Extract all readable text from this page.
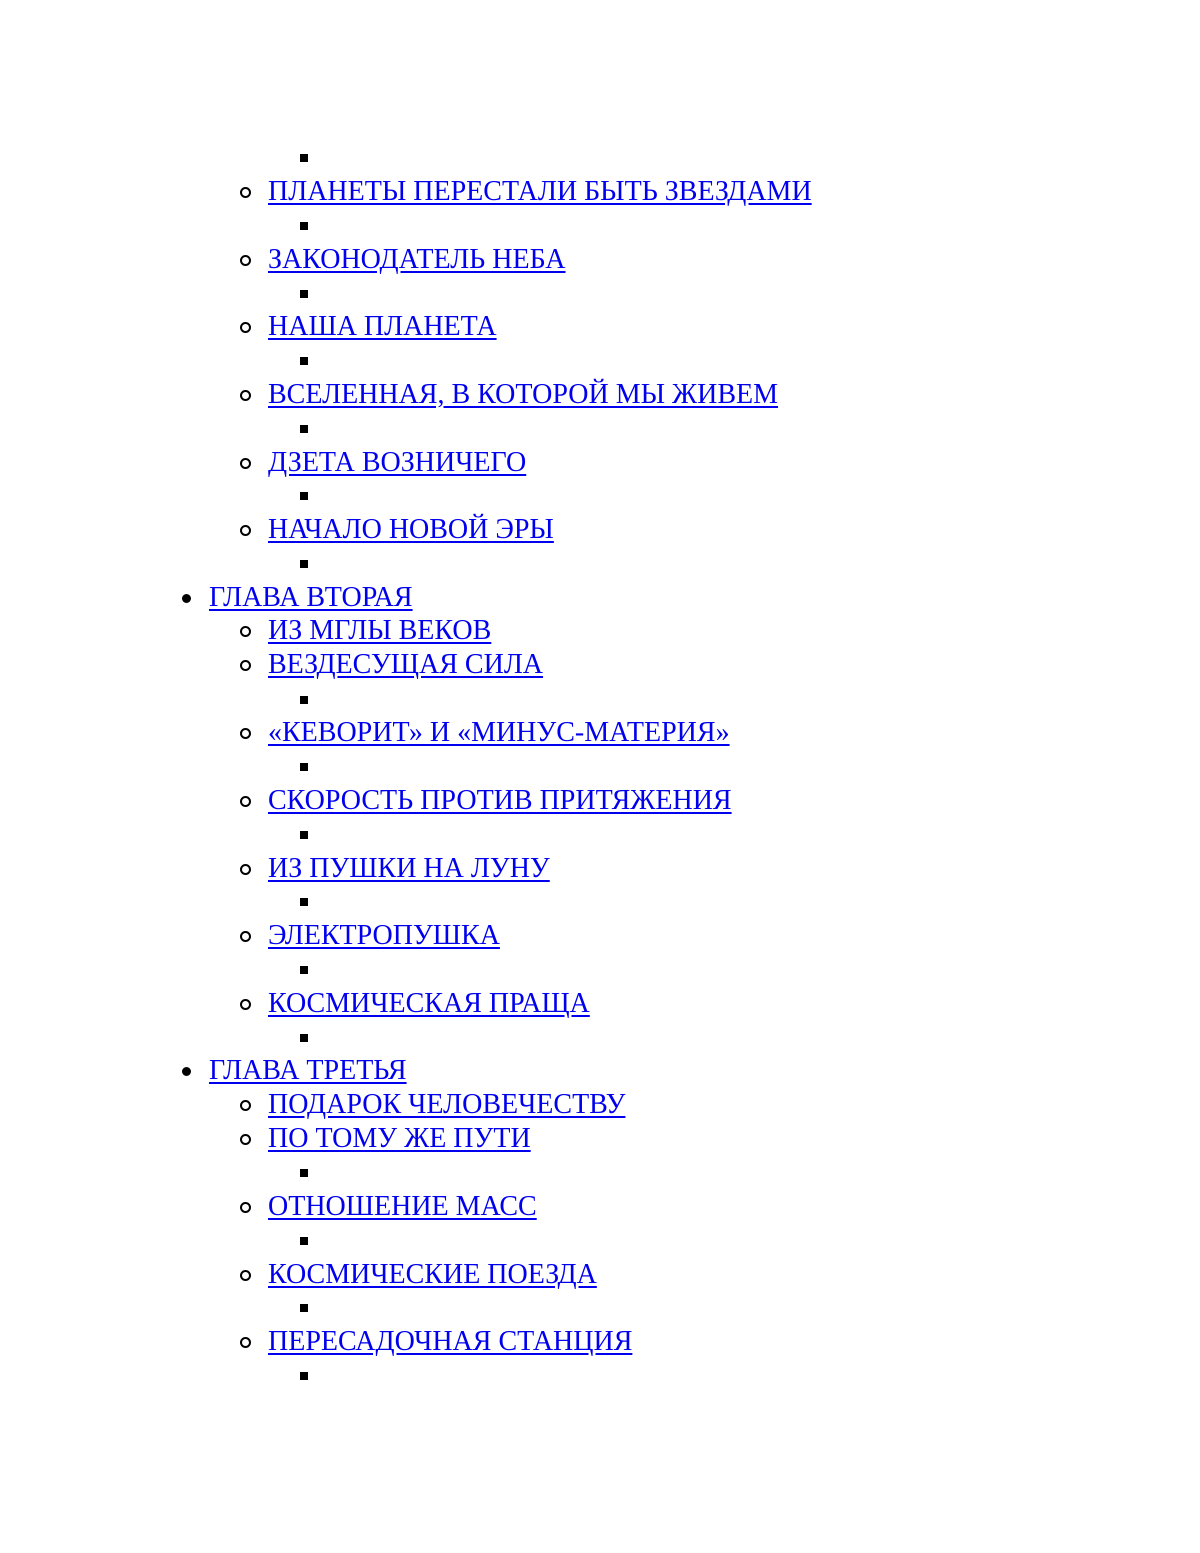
ПЛАНЕТЫ ПЕРЕСТАЛИ БЫТЬ ЗВЕЗДАМИ
ЗАКОНОДАТЕЛЬ НЕБА
НАША ПЛАНЕТА
ВСЕЛЕННАЯ, В КОТОРОЙ МЫ ЖИВЕМ
ДЗЕТА ВОЗНИЧЕГО
НАЧАЛО НОВОЙ ЭРЫ
ГЛАВА ВТОРАЯ
ИЗ МГЛЫ ВЕКОВ
ВЕЗДЕСУЩАЯ СИЛА
«КЕВОРИТ» И «МИНУС-МАТЕРИЯ»
СКОРОСТЬ ПРОТИВ ПРИТЯЖЕНИЯ
ИЗ ПУШКИ НА ЛУНУ
ЭЛЕКТРОПУШКА
КОСМИЧЕСКАЯ ПРАЩА
ГЛАВА ТРЕТЬЯ
ПОДАРОК ЧЕЛОВЕЧЕСТВУ
ПО ТОМУ ЖЕ ПУТИ
ОТНОШЕНИЕ МАСС
КОСМИЧЕСКИЕ ПОЕЗДА
ПЕРЕСАДОЧНАЯ СТАНЦИЯ
